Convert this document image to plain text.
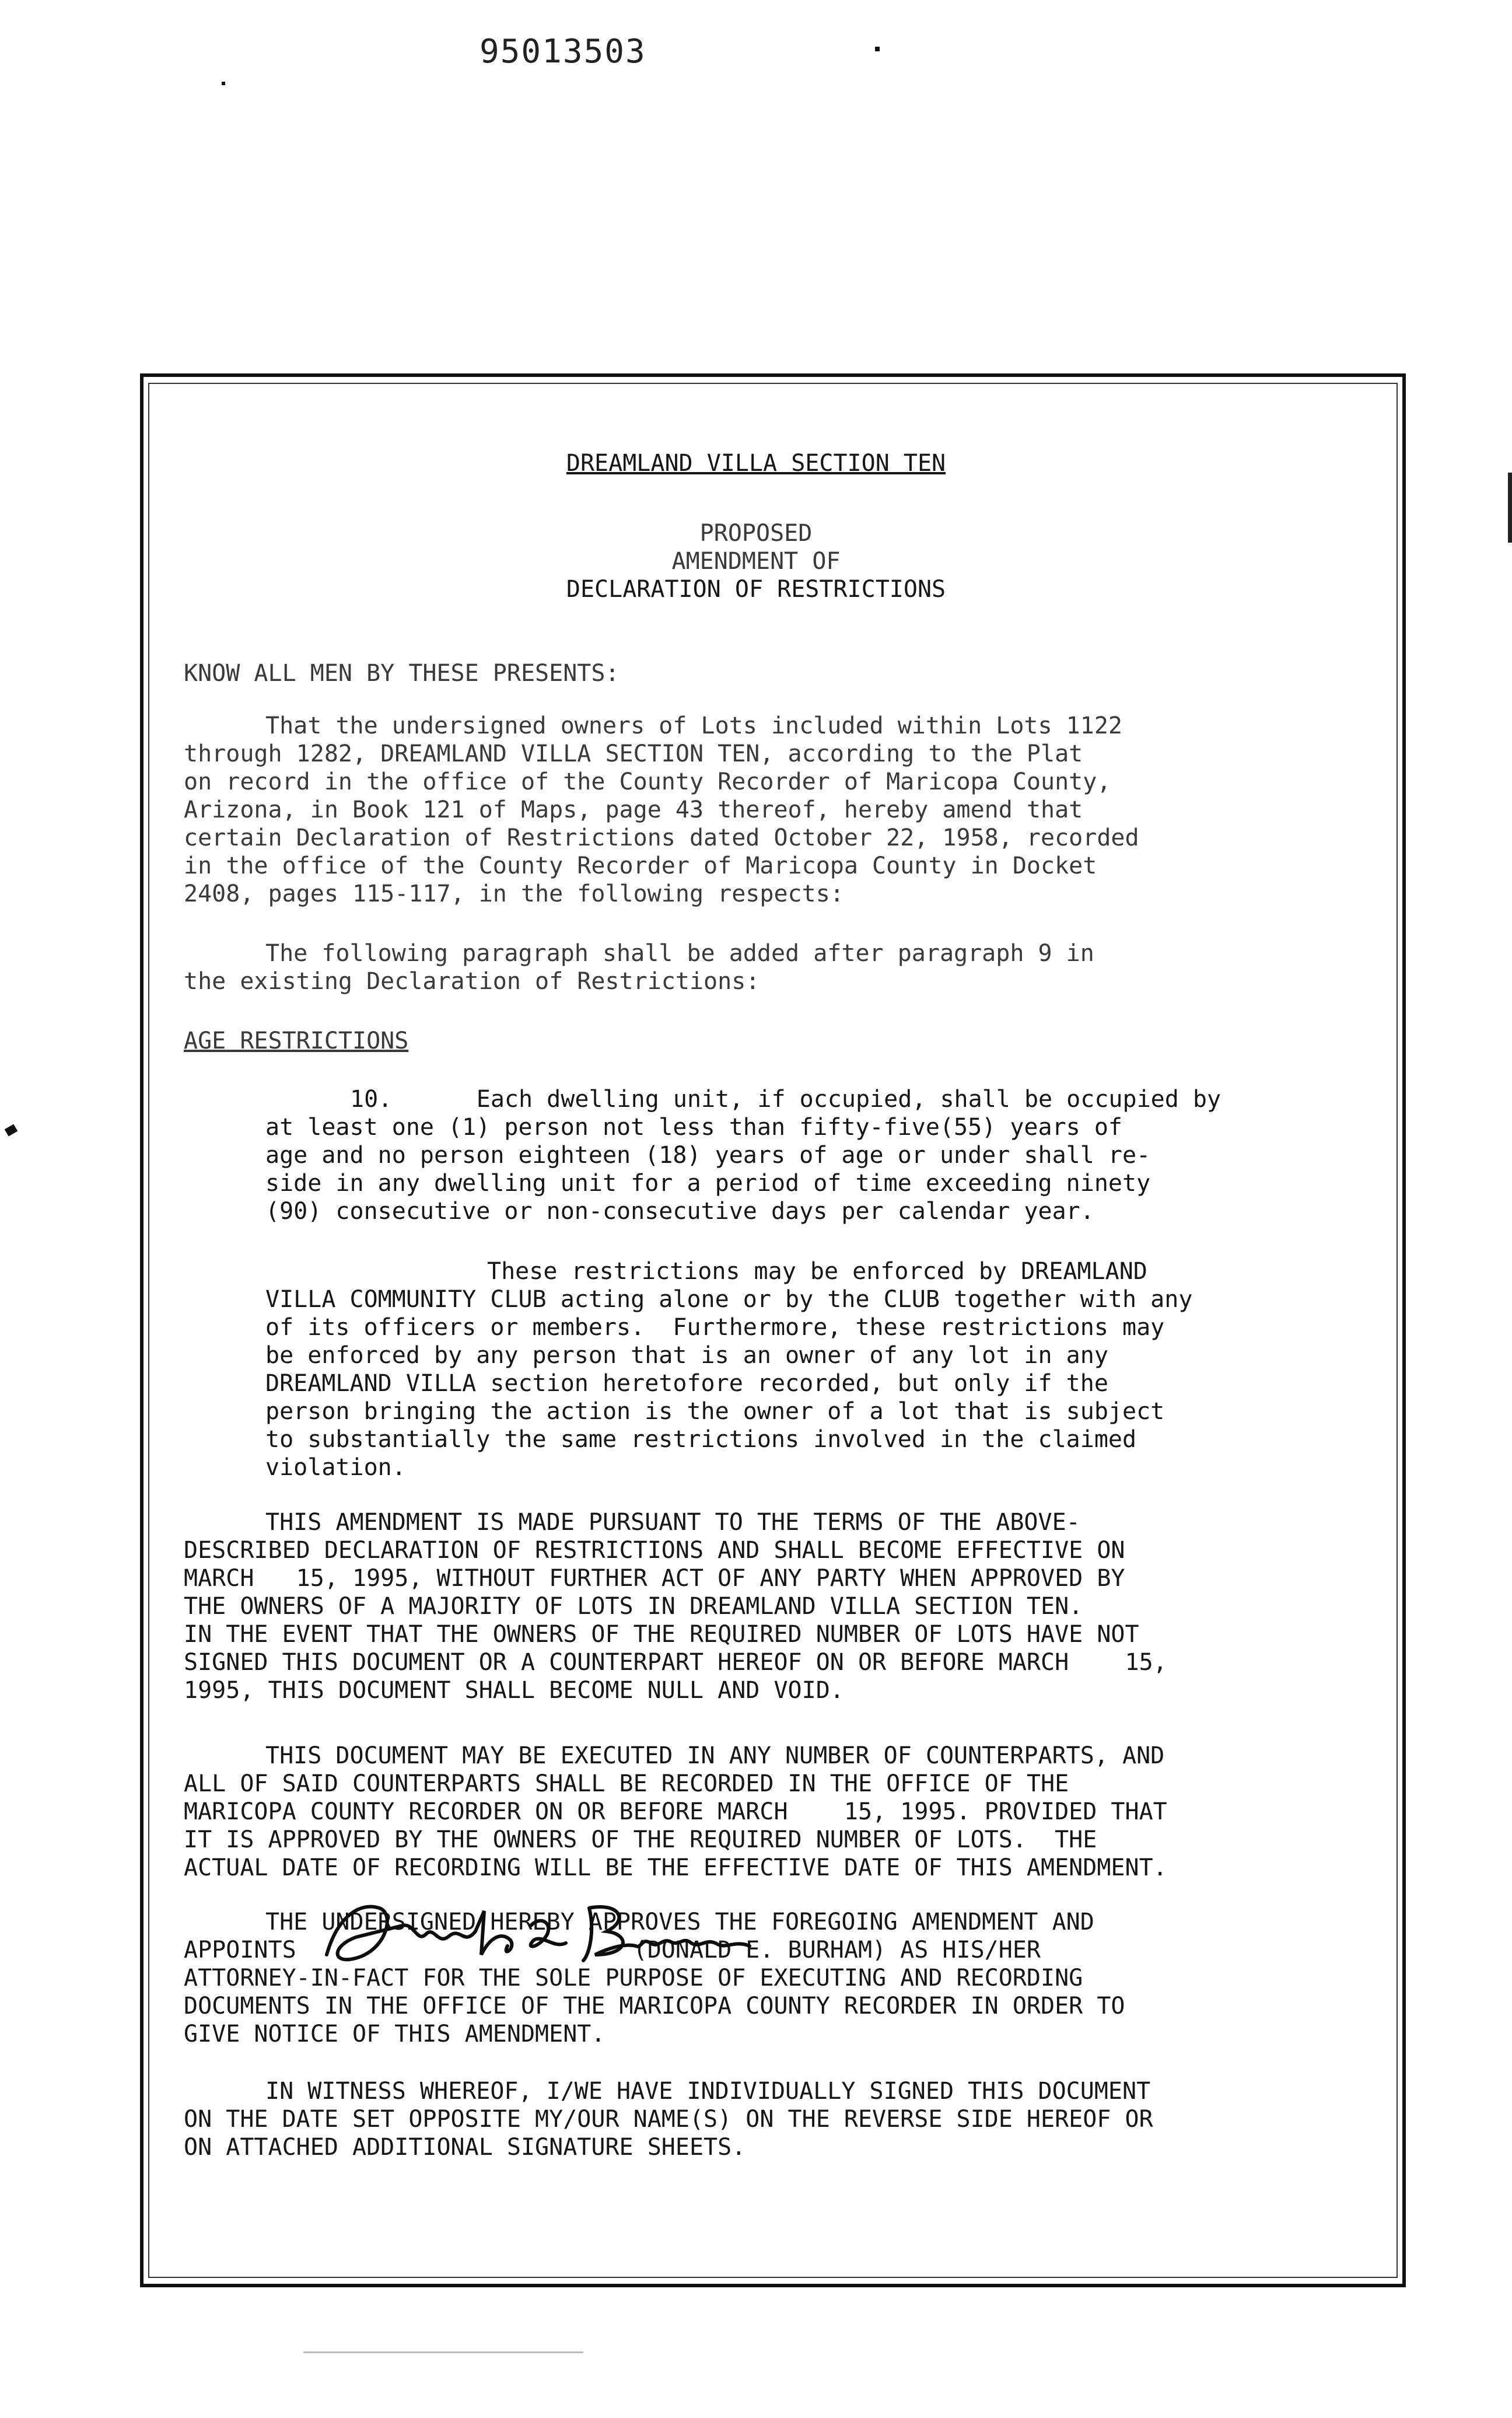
95013503
DREAMLAND VILLA SECTION TEN
PROPOSED
AMENDMENT OF
DECLARATION OF RESTRICTIONS
KNOW ALL MEN BY THESE PRESENTS:
That the undersigned owners of Lots included within Lots 1122
through 1282, DREAMLAND VILLA SECTION TEN, according to the Plat
on record in the office of the County Recorder of Maricopa County,
Arizona, in Book 121 of Maps, page 43 thereof, hereby amend that
certain Declaration of Restrictions dated October 22, 1958, recorded
in the office of the County Recorder of Maricopa County in Docket
2408, pages 115-117, in the following respects:
The following paragraph shall be added after paragraph 9 in
the existing Declaration of Restrictions:
AGE RESTRICTIONS
10.      Each dwelling unit, if occupied, shall be occupied by
at least one (1) person not less than fifty-five(55) years of
age and no person eighteen (18) years of age or under shall re-
side in any dwelling unit for a period of time exceeding ninety
(90) consecutive or non-consecutive days per calendar year.
These restrictions may be enforced by DREAMLAND
VILLA COMMUNITY CLUB acting alone or by the CLUB together with any
of its officers or members.  Furthermore, these restrictions may
be enforced by any person that is an owner of any lot in any
DREAMLAND VILLA section heretofore recorded, but only if the
person bringing the action is the owner of a lot that is subject
to substantially the same restrictions involved in the claimed
violation.
THIS AMENDMENT IS MADE PURSUANT TO THE TERMS OF THE ABOVE-
DESCRIBED DECLARATION OF RESTRICTIONS AND SHALL BECOME EFFECTIVE ON
MARCH   15, 1995, WITHOUT FURTHER ACT OF ANY PARTY WHEN APPROVED BY
THE OWNERS OF A MAJORITY OF LOTS IN DREAMLAND VILLA SECTION TEN.
IN THE EVENT THAT THE OWNERS OF THE REQUIRED NUMBER OF LOTS HAVE NOT
SIGNED THIS DOCUMENT OR A COUNTERPART HEREOF ON OR BEFORE MARCH    15,
1995, THIS DOCUMENT SHALL BECOME NULL AND VOID.
THIS DOCUMENT MAY BE EXECUTED IN ANY NUMBER OF COUNTERPARTS, AND
ALL OF SAID COUNTERPARTS SHALL BE RECORDED IN THE OFFICE OF THE
MARICOPA COUNTY RECORDER ON OR BEFORE MARCH    15, 1995. PROVIDED THAT
IT IS APPROVED BY THE OWNERS OF THE REQUIRED NUMBER OF LOTS.  THE
ACTUAL DATE OF RECORDING WILL BE THE EFFECTIVE DATE OF THIS AMENDMENT.
THE UNDERSIGNED HEREBY APPROVES THE FOREGOING AMENDMENT AND
APPOINTS                        (DONALD E. BURHAM) AS HIS/HER
ATTORNEY-IN-FACT FOR THE SOLE PURPOSE OF EXECUTING AND RECORDING
DOCUMENTS IN THE OFFICE OF THE MARICOPA COUNTY RECORDER IN ORDER TO
GIVE NOTICE OF THIS AMENDMENT.
IN WITNESS WHEREOF, I/WE HAVE INDIVIDUALLY SIGNED THIS DOCUMENT
ON THE DATE SET OPPOSITE MY/OUR NAME(S) ON THE REVERSE SIDE HEREOF OR
ON ATTACHED ADDITIONAL SIGNATURE SHEETS.
